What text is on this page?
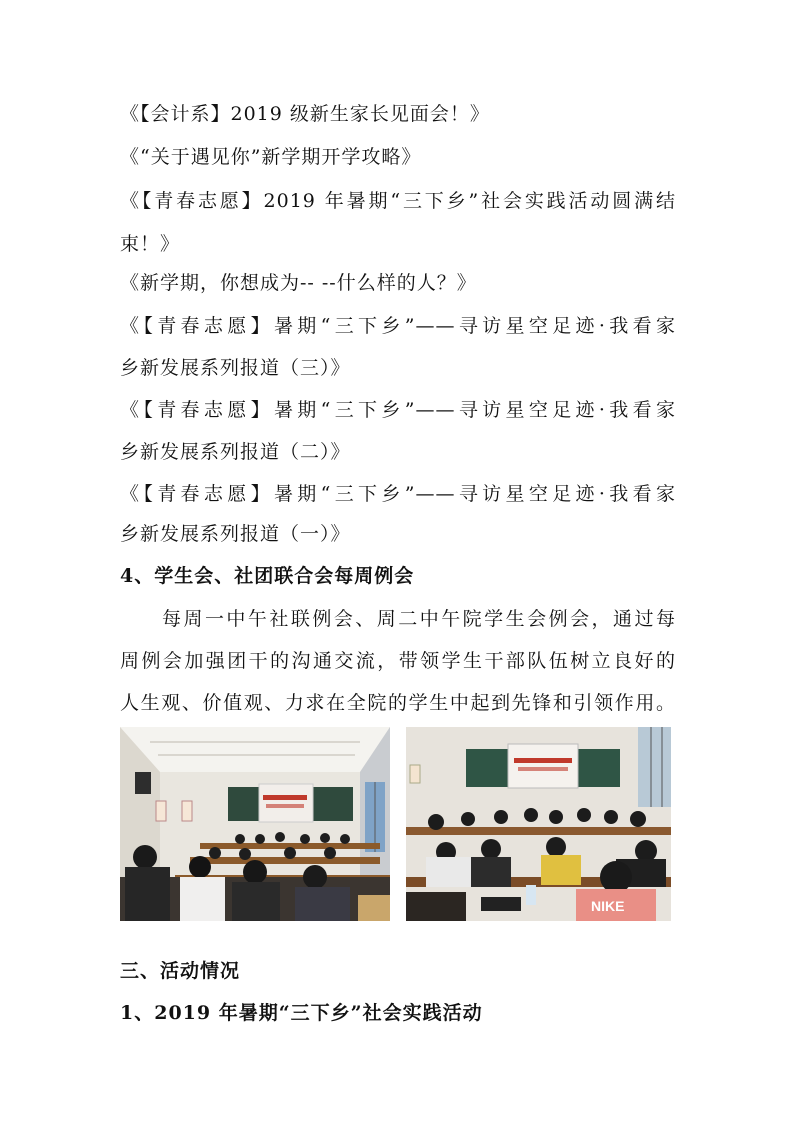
《【会计系】2019 级新生家长见面会！》
《“关于遇见你”新学期开学攻略》
《【青春志愿】2019 年暑期“三下乡”社会实践活动圆满结
束！》
《新学期，你想成为-- --什么样的人？》
《【青春志愿】暑期“三下乡”——寻访星空足迹·我看家
乡新发展系列报道（三）》
《【青春志愿】暑期“三下乡”——寻访星空足迹·我看家
乡新发展系列报道（二）》
《【青春志愿】暑期“三下乡”——寻访星空足迹·我看家
乡新发展系列报道（一）》
4、学生会、社团联合会每周例会
每周一中午社联例会、周二中午院学生会例会，通过每
周例会加强团干的沟通交流，带领学生干部队伍树立良好的
人生观、价值观、力求在全院的学生中起到先锋和引领作用。
NIKE
三、活动情况
1、2019 年暑期“三下乡”社会实践活动
